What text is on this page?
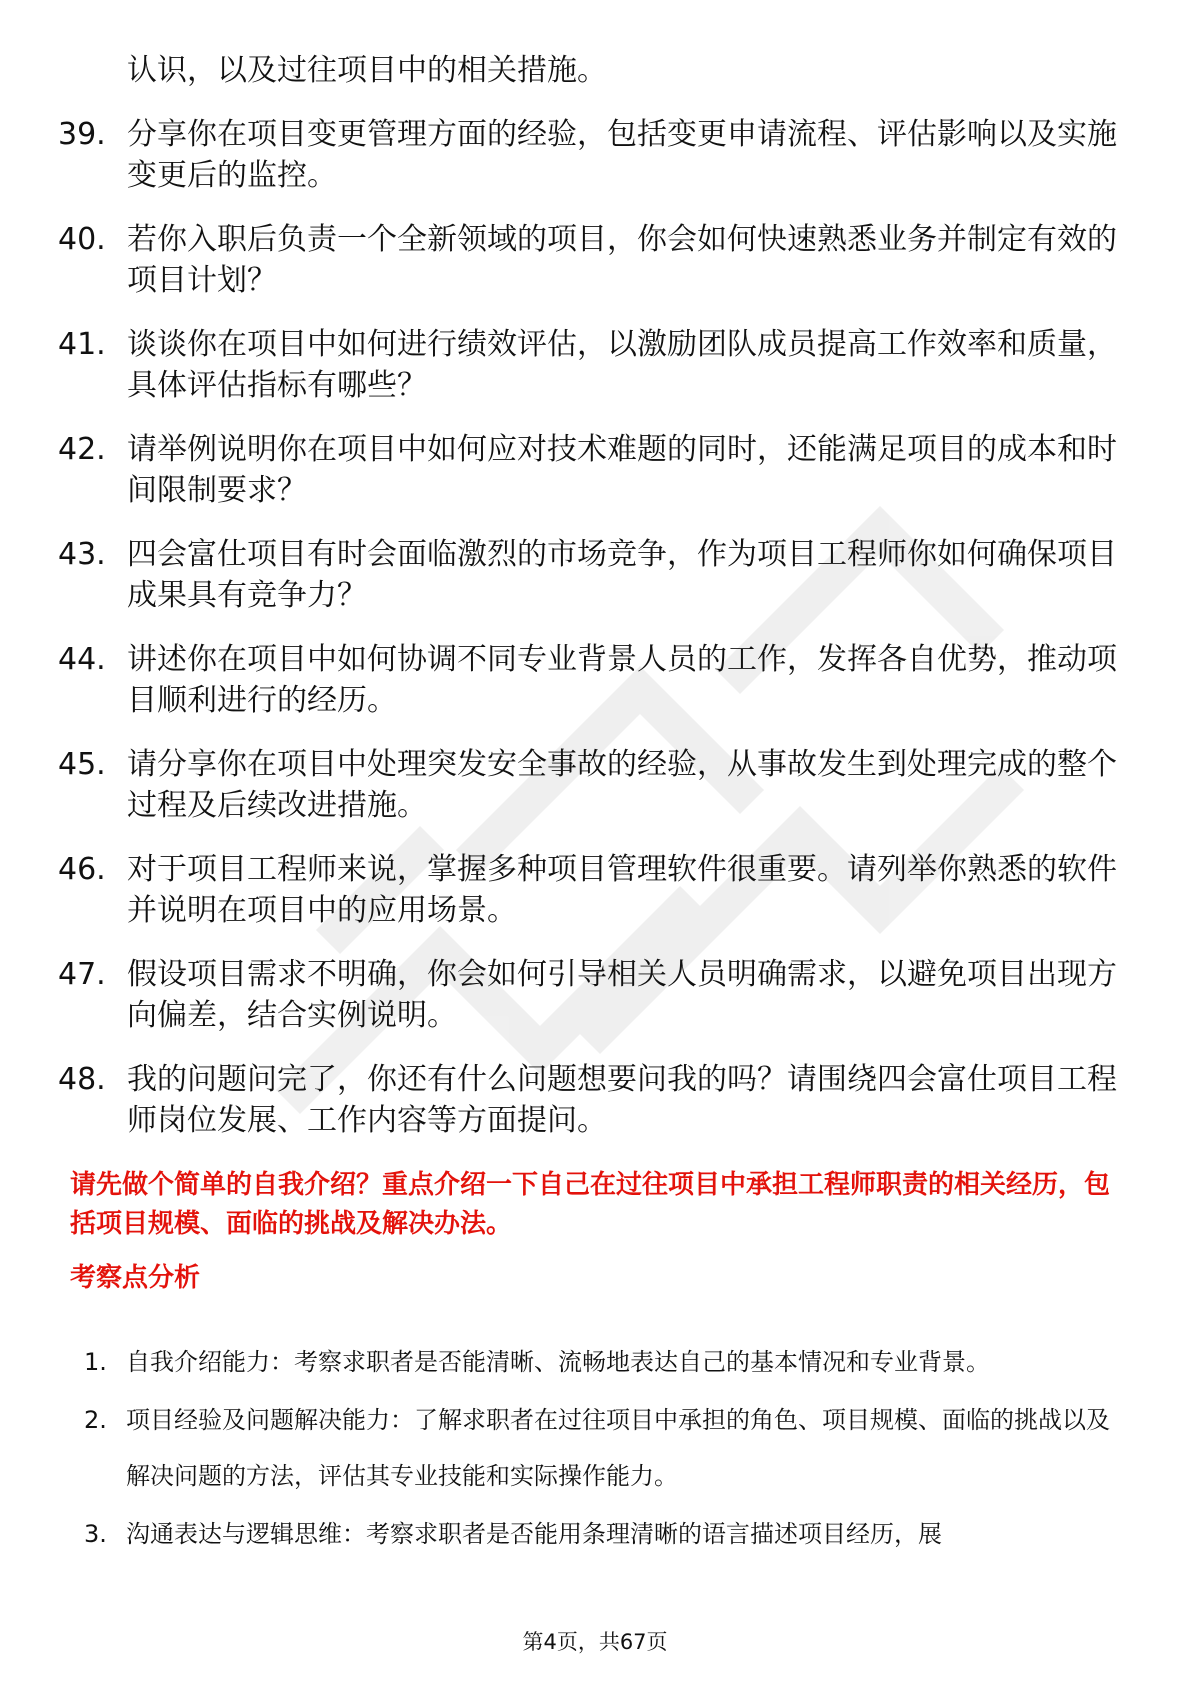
认识，以及过往项目中的相关措施。
39. 分享你在项目变更管理方面的经验，包括变更申请流程、评估影响以及实施变更后的监控。
40. 若你入职后负责一个全新领域的项目，你会如何快速熟悉业务并制定有效的项目计划？
41. 谈谈你在项目中如何进行绩效评估，以激励团队成员提高工作效率和质量，具体评估指标有哪些？
42. 请举例说明你在项目中如何应对技术难题的同时，还能满足项目的成本和时间限制要求？
43. 四会富仕项目有时会面临激烈的市场竞争，作为项目工程师你如何确保项目成果具有竞争力？
44. 讲述你在项目中如何协调不同专业背景人员的工作，发挥各自优势，推动项目顺利进行的经历。
45. 请分享你在项目中处理突发安全事故的经验，从事故发生到处理完成的整个过程及后续改进措施。
46. 对于项目工程师来说，掌握多种项目管理软件很重要。请列举你熟悉的软件并说明在项目中的应用场景。
47. 假设项目需求不明确，你会如何引导相关人员明确需求，以避免项目出现方向偏差，结合实例说明。
48. 我的问题问完了，你还有什么问题想要问我的吗？请围绕四会富仕项目工程师岗位发展、工作内容等方面提问。
请先做个简单的自我介绍？重点介绍一下自己在过往项目中承担工程师职责的相关经历，包括项目规模、面临的挑战及解决办法。
考察点分析
1. 自我介绍能力：考察求职者是否能清晰、流畅地表达自己的基本情况和专业背景。
2. 项目经验及问题解决能力：了解求职者在过往项目中承担的角色、项目规模、面临的挑战以及解决问题的方法，评估其专业技能和实际操作能力。
3. 沟通表达与逻辑思维：考察求职者是否能用条理清晰的语言描述项目经历，展
第4页，共67页
